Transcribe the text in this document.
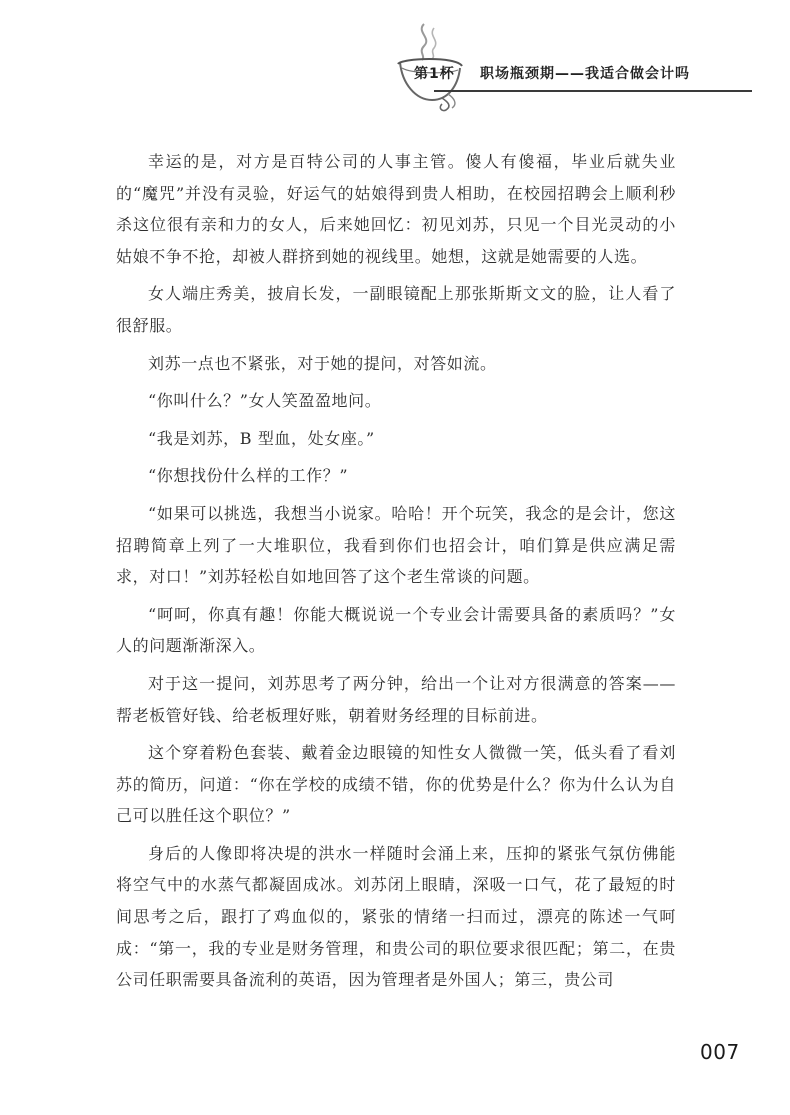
第1杯 职场瓶颈期——我适合做会计吗

幸运的是，对方是百特公司的人事主管。傻人有傻福，毕业后就失业的“魔咒”并没有灵验，好运气的姑娘得到贵人相助，在校园招聘会上顺利秒杀这位很有亲和力的女人，后来她回忆：初见刘苏，只见一个目光灵动的小姑娘不争不抢，却被人群挤到她的视线里。她想，这就是她需要的人选。

女人端庄秀美，披肩长发，一副眼镜配上那张斯斯文文的脸，让人看了很舒服。

刘苏一点也不紧张，对于她的提问，对答如流。

“你叫什么？”女人笑盈盈地问。

“我是刘苏，B 型血，处女座。”

“你想找份什么样的工作？”

“如果可以挑选，我想当小说家。哈哈！开个玩笑，我念的是会计，您这招聘简章上列了一大堆职位，我看到你们也招会计，咱们算是供应满足需求，对口！”刘苏轻松自如地回答了这个老生常谈的问题。

“呵呵，你真有趣！你能大概说说一个专业会计需要具备的素质吗？”女人的问题渐渐深入。

对于这一提问，刘苏思考了两分钟，给出一个让对方很满意的答案——帮老板管好钱、给老板理好账，朝着财务经理的目标前进。

这个穿着粉色套装、戴着金边眼镜的知性女人微微一笑，低头看了看刘苏的简历，问道：“你在学校的成绩不错，你的优势是什么？你为什么认为自己可以胜任这个职位？”

身后的人像即将决堤的洪水一样随时会涌上来，压抑的紧张气氛仿佛能将空气中的水蒸气都凝固成冰。刘苏闭上眼睛，深吸一口气，花了最短的时间思考之后，跟打了鸡血似的，紧张的情绪一扫而过，漂亮的陈述一气呵成：“第一，我的专业是财务管理，和贵公司的职位要求很匹配；第二，在贵公司任职需要具备流利的英语，因为管理者是外国人；第三，贵公司

007
